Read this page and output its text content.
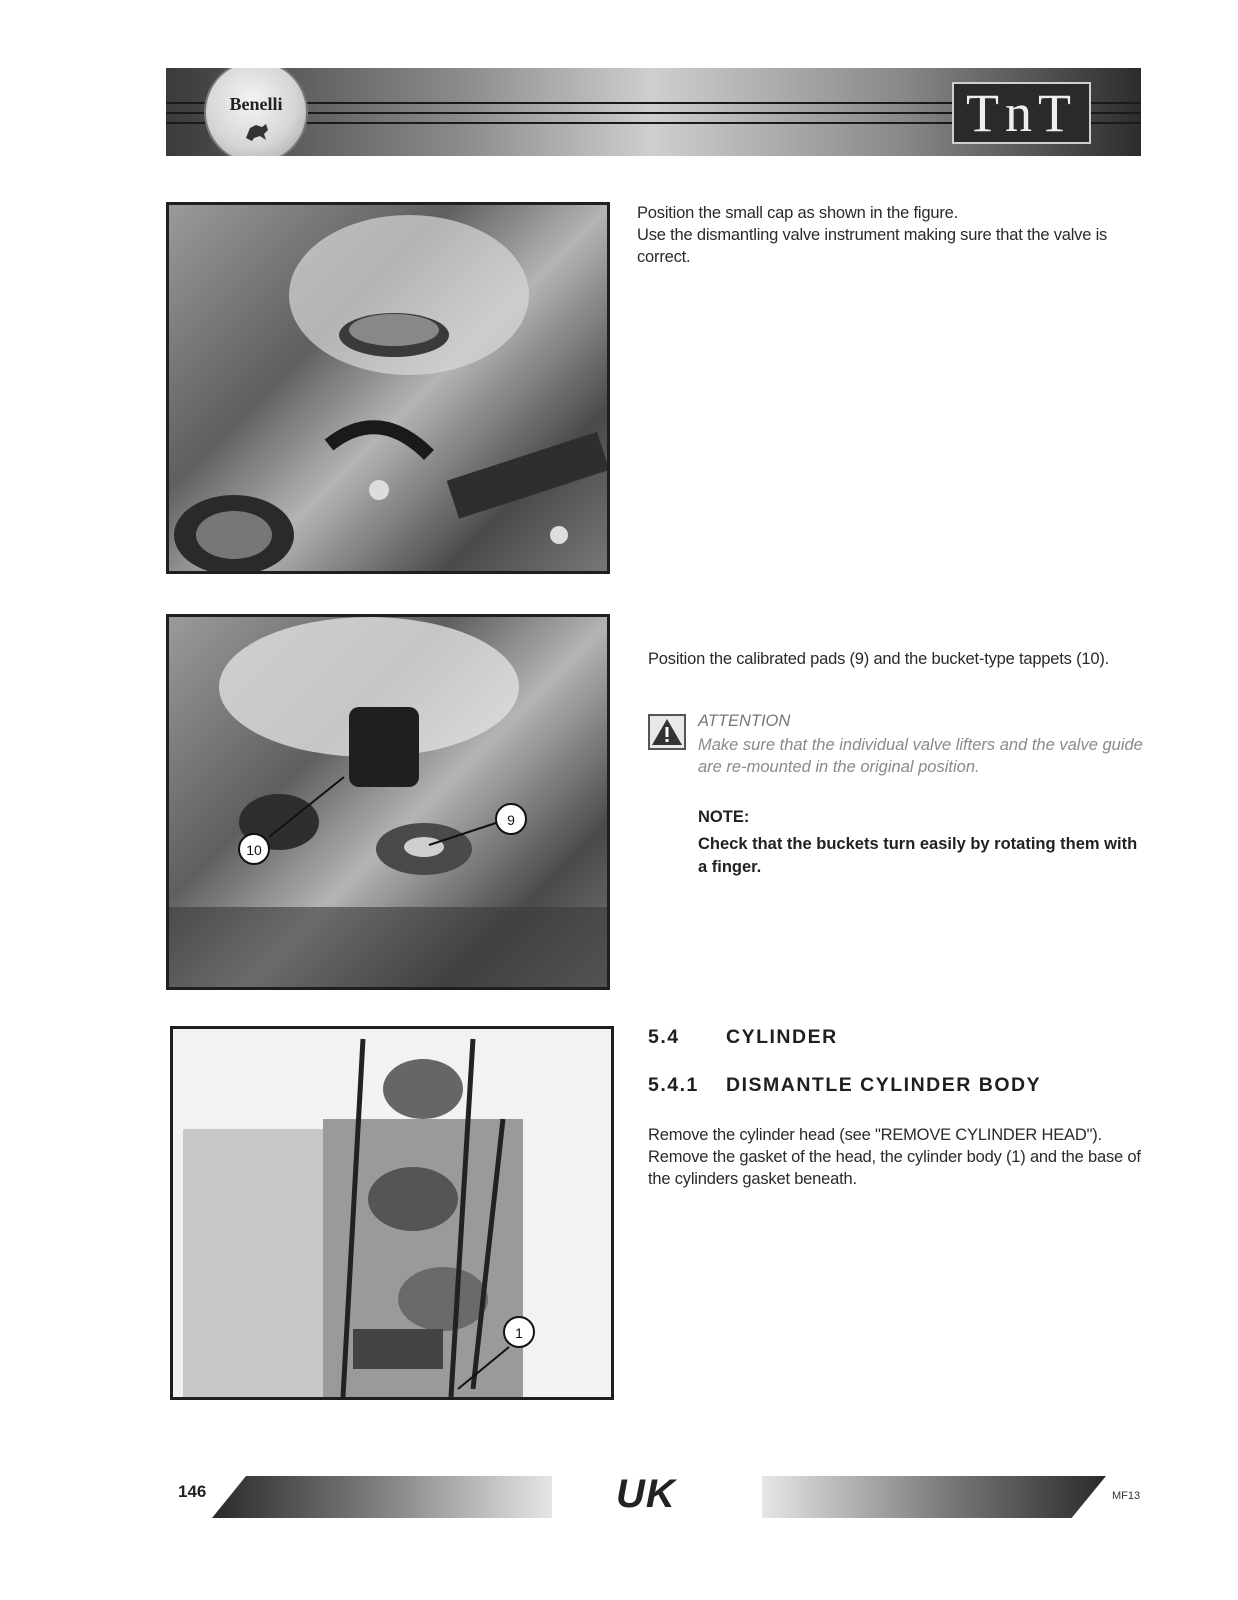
Benelli	TnT
Position the small cap as shown in the figure.
Use the dismantling valve instrument making sure that the valve is correct.
10
9
Position the calibrated pads (9) and the bucket-type tappets (10).
ATTENTION
Make sure that the individual valve lifters and the valve guide are re-mounted in the original position.
NOTE:
Check that the buckets turn easily by rotating them with a finger.
1
5.4 CYLINDER
5.4.1 DISMANTLE CYLINDER BODY
Remove the cylinder head (see "REMOVE CYLINDER HEAD").
Remove the gasket of the head, the cylinder body (1) and the base of the cylinders gasket beneath.
146	UK	MF13
